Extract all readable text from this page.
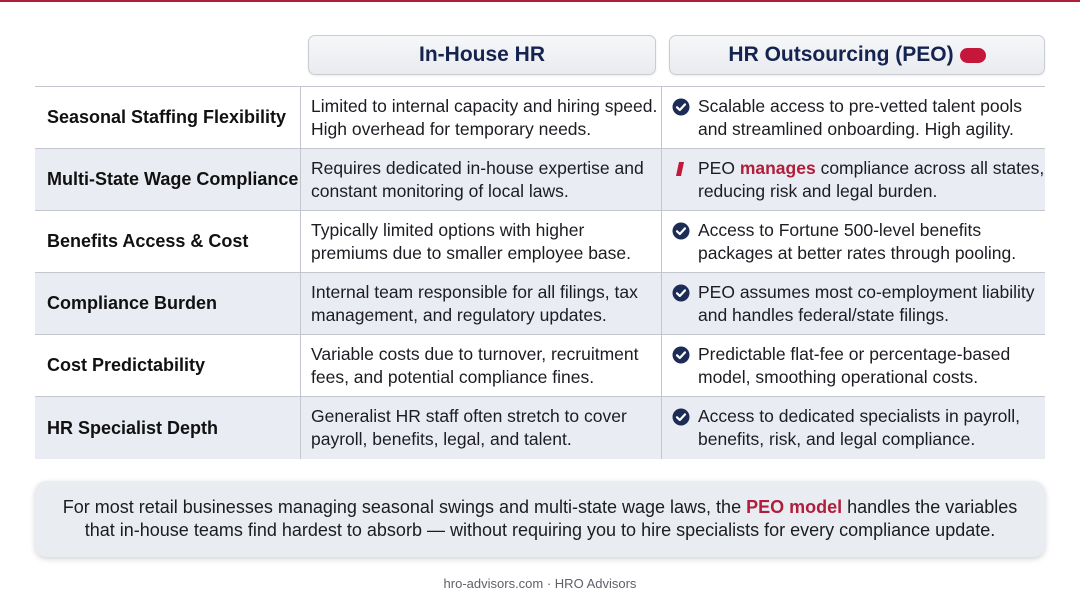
In-House HR	HR Outsourcing (PEO)
Seasonal Staffing Flexibility
Limited to internal capacity and hiring speed. High overhead for temporary needs.
Scalable access to pre-vetted talent pools and streamlined onboarding. High agility.
Multi-State Wage Compliance
Requires dedicated in-house expertise and constant monitoring of local laws.
PEO manages compliance across all states, reducing risk and legal burden.
Benefits Access & Cost
Typically limited options with higher premiums due to smaller employee base.
Access to Fortune 500-level benefits packages at better rates through pooling.
Compliance Burden
Internal team responsible for all filings, tax management, and regulatory updates.
PEO assumes most co-employment liability and handles federal/state filings.
Cost Predictability
Variable costs due to turnover, recruitment fees, and potential compliance fines.
Predictable flat-fee or percentage-based model, smoothing operational costs.
HR Specialist Depth
Generalist HR staff often stretch to cover payroll, benefits, legal, and talent.
Access to dedicated specialists in payroll, benefits, risk, and legal compliance.
For most retail businesses managing seasonal swings and multi-state wage laws, the PEO model handles the variables that in-house teams find hardest to absorb — without requiring you to hire specialists for every compliance update.
hro-advisors.com · HRO Advisors
